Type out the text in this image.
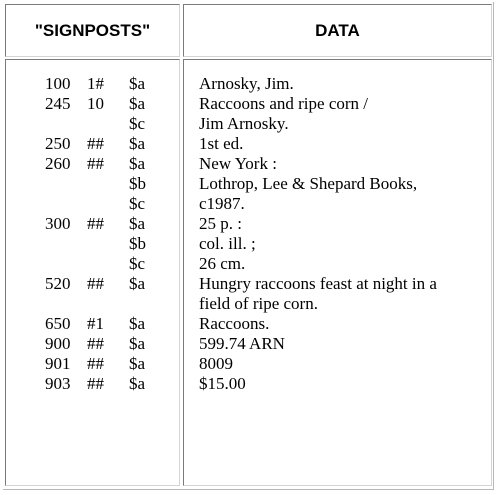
"SIGNPOSTS"	DATA
100 1# $a
245 10 $a
$c
250 ## $a
260 ## $a
$b
$c
300 ## $a
$b
$c
520 ## $a
650 #1 $a
900 ## $a
901 ## $a
903 ## $a
Arnosky, Jim.
Raccoons and ripe corn /
Jim Arnosky.
1st ed.
New York :
Lothrop, Lee & Shepard Books,
c1987.
25 p. :
col. ill. ;
26 cm.
Hungry raccoons feast at night in a
field of ripe corn.
Raccoons.
599.74 ARN
8009
$15.00
